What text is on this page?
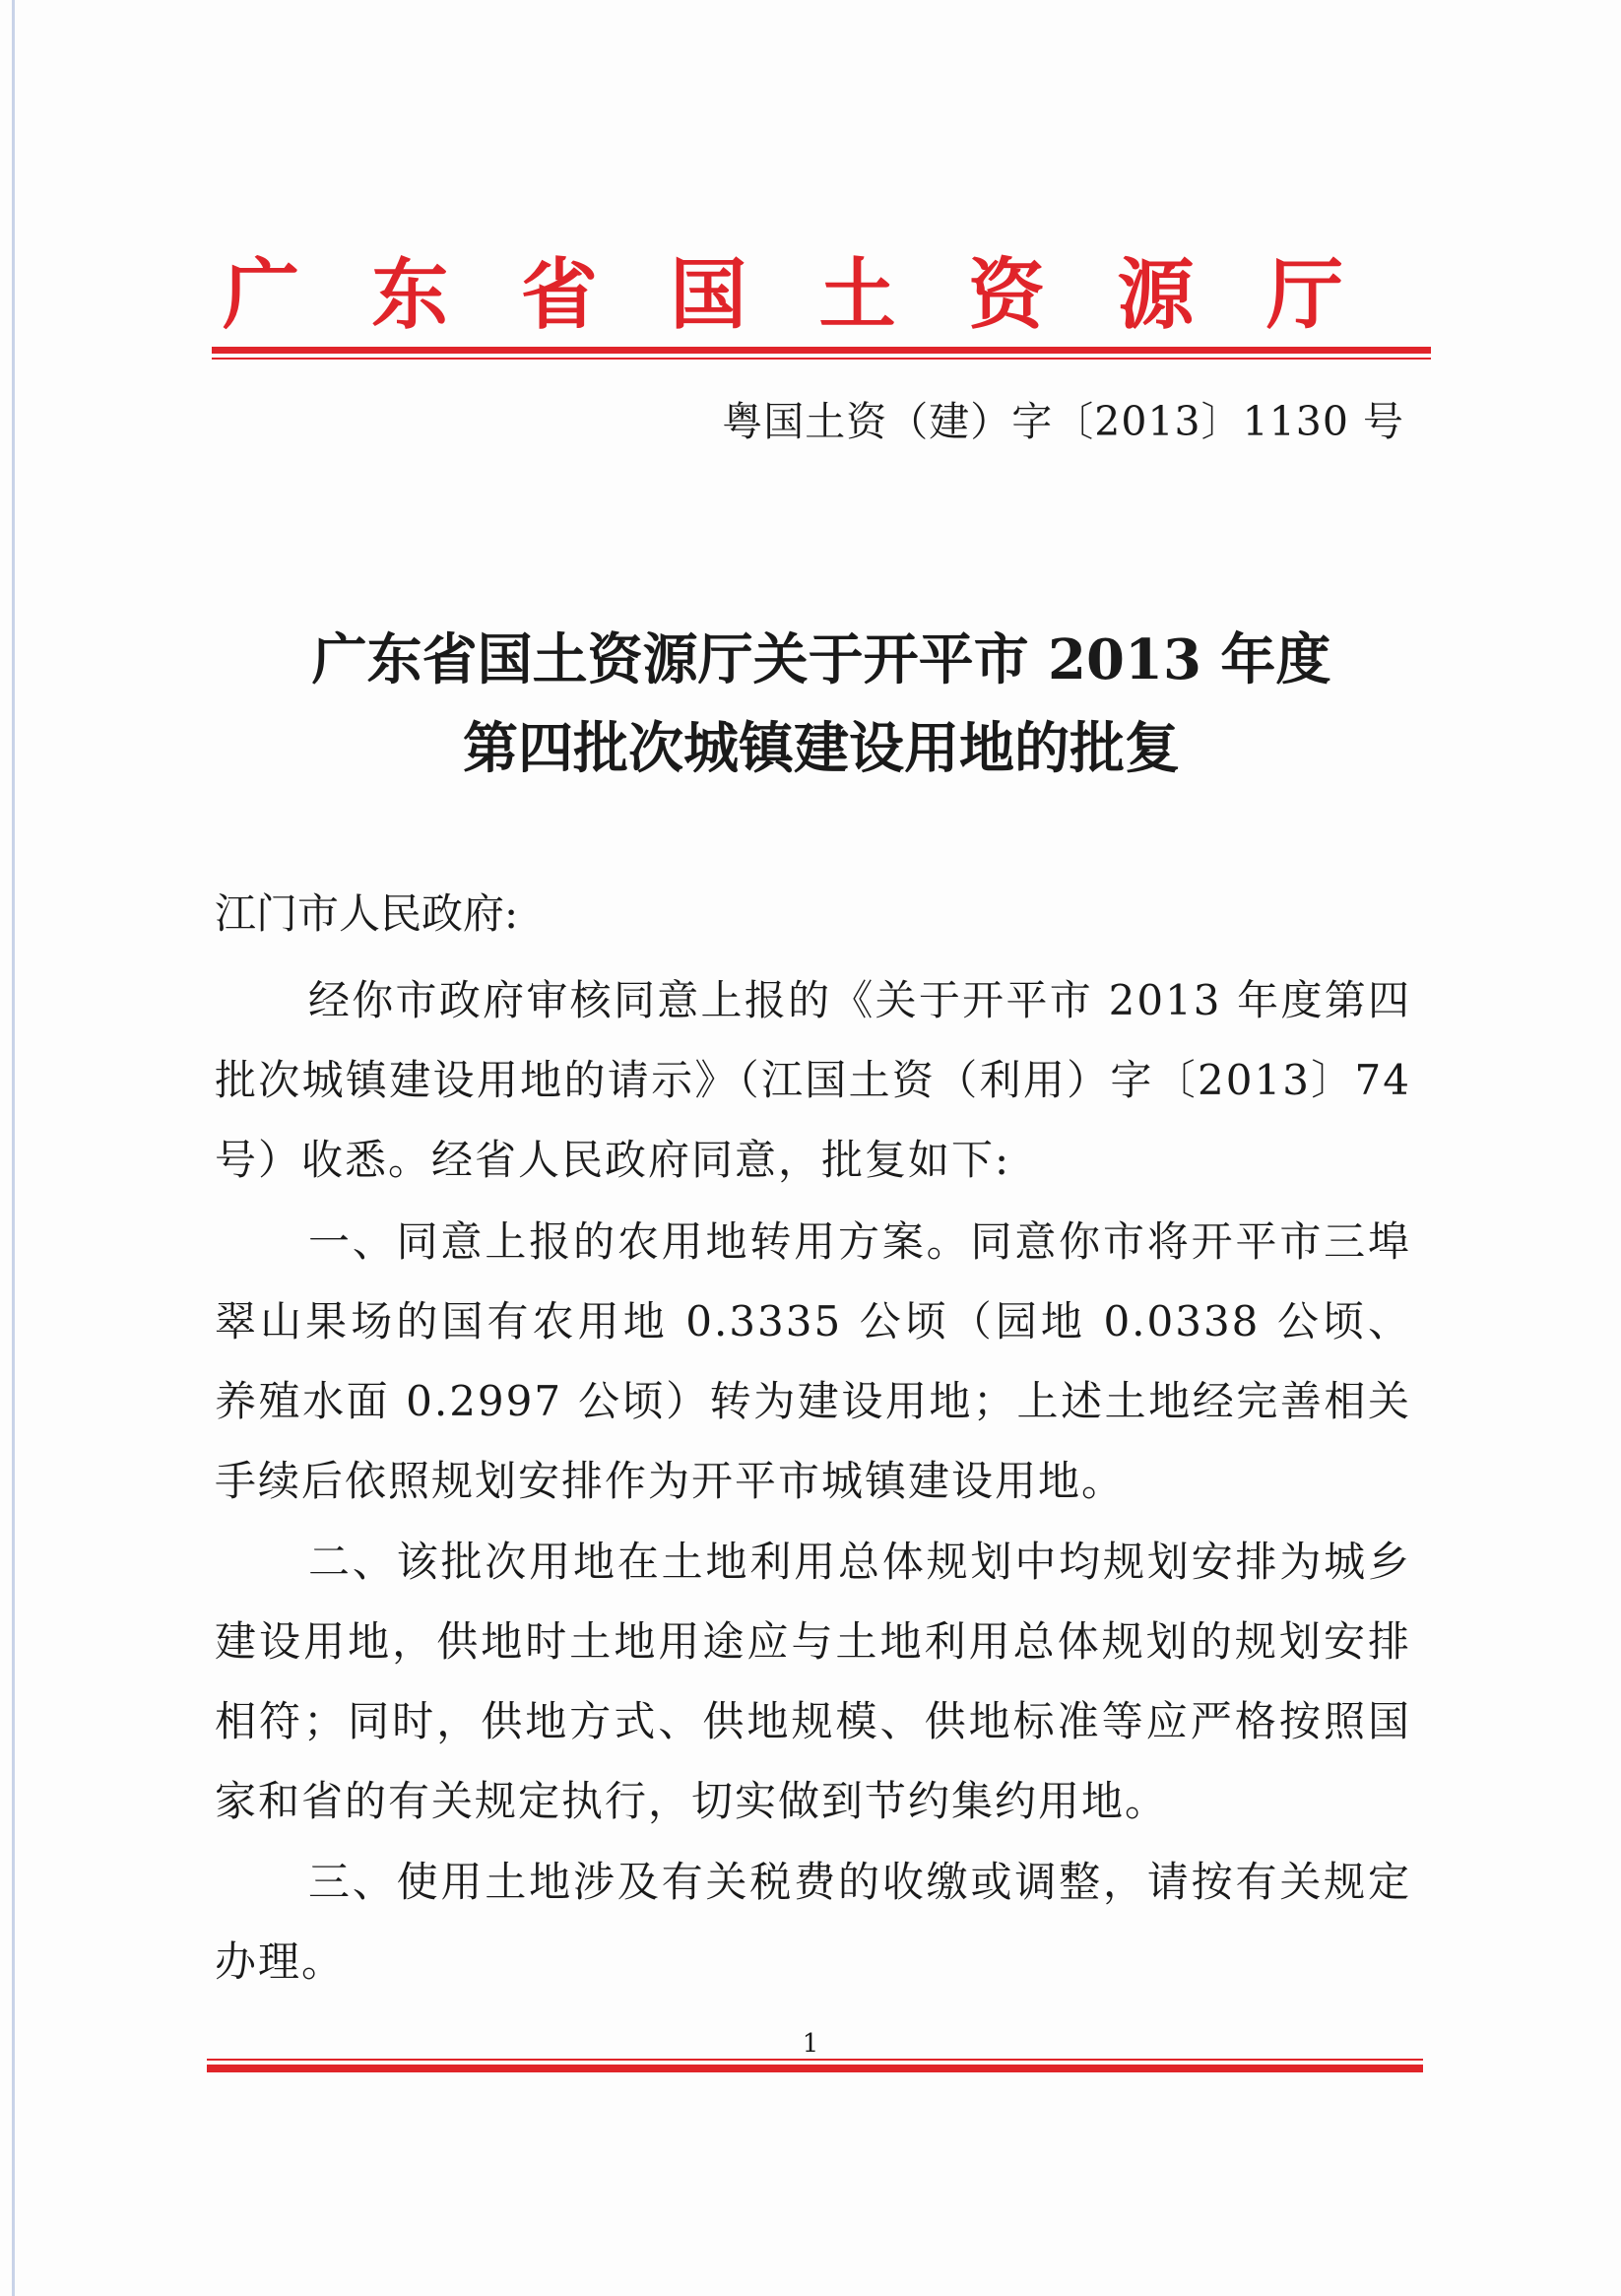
广 东 省 国 土 资 源 厅
粤国土资（建）字〔2013〕1130 号
广东省国土资源厅关于开平市 2013 年度
第四批次城镇建设用地的批复
江门市人民政府:
经你市政府审核同意上报的《关于开平市 2013 年度第四批次城镇建设用地的请示》（江国土资（利用）字〔2013〕74 号）收悉。经省人民政府同意，批复如下:
一、同意上报的农用地转用方案。同意你市将开平市三埠翠山果场的国有农用地 0.3335 公顷（园地 0.0338 公顷、养殖水面 0.2997 公顷）转为建设用地；上述土地经完善相关手续后依照规划安排作为开平市城镇建设用地。
二、该批次用地在土地利用总体规划中均规划安排为城乡建设用地，供地时土地用途应与土地利用总体规划的规划安排相符；同时，供地方式、供地规模、供地标准等应严格按照国家和省的有关规定执行，切实做到节约集约用地。
三、使用土地涉及有关税费的收缴或调整，请按有关规定办理。
1
